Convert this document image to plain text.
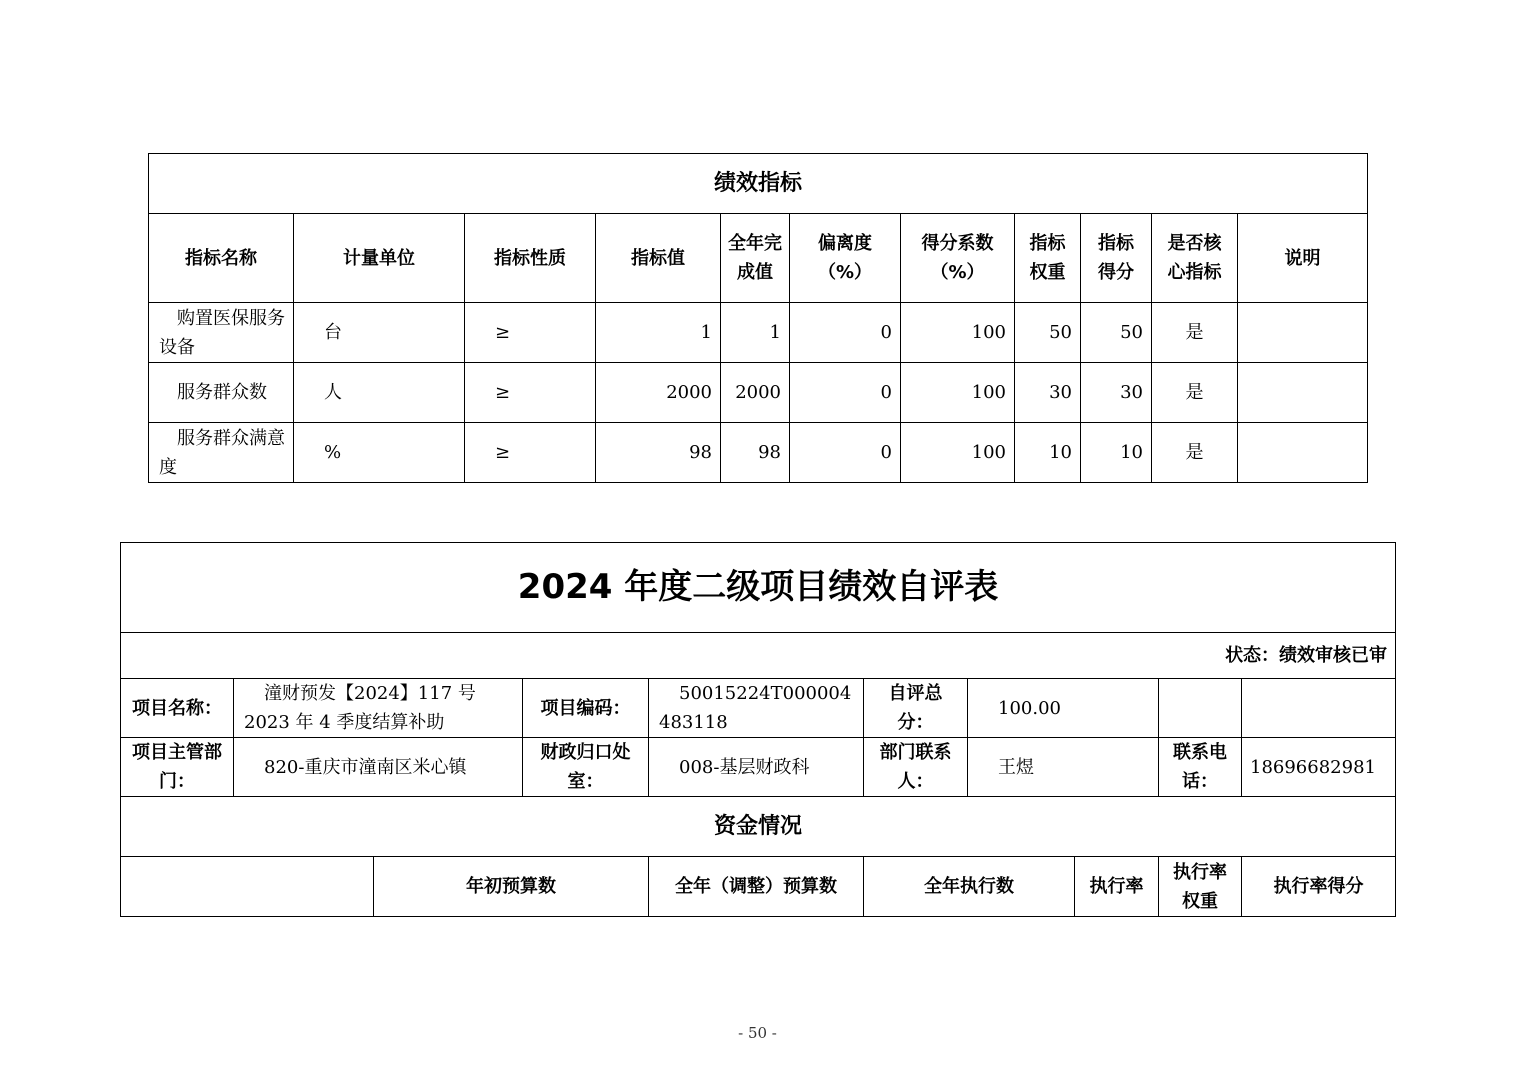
绩效指标										
指标名称	计量单位	指标性质	指标值	全年完成值	偏离度（%）	得分系数（%）	指标权重	指标得分	是否核心指标	说明
购置医保服务设备	台	≥	1	1	0	100	50	50	是	
服务群众数	人	≥	2000	2000	0	100	30	30	是	
服务群众满意度	%	≥	98	98	0	100	10	10	是	
2024 年度二级项目绩效自评表									
状态：绩效审核已审									
项目名称：	潼财预发【2024】117 号 2023 年 4 季度结算补助		项目编码：	50015224T000004483118	自评总分：	100.00			
项目主管部门：	820-重庆市潼南区米心镇		财政归口处室：	008-基层财政科	部门联系人：	王煜		联系电话：	18696682981
资金情况									
		年初预算数		全年（调整）预算数	全年执行数		执行率	执行率权重	执行率得分
- 50 -
